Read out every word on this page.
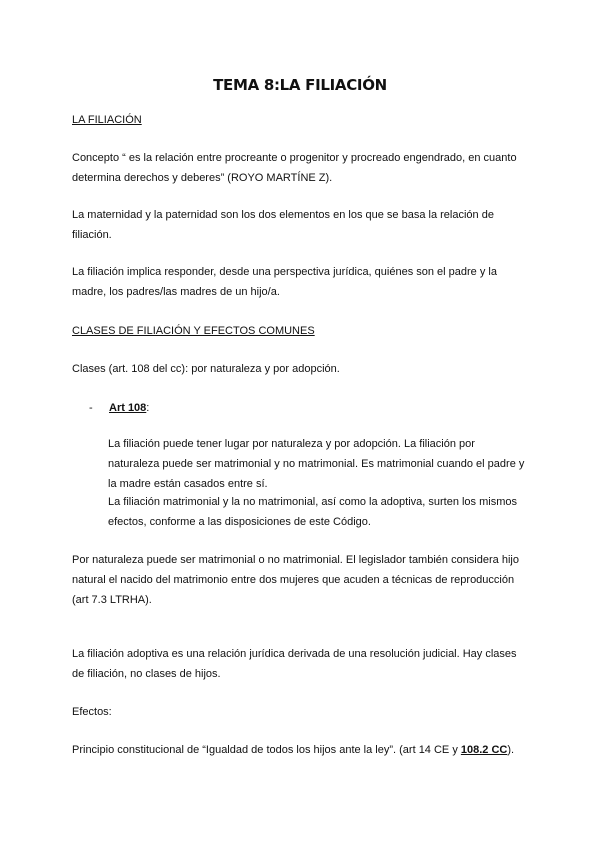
TEMA 8:LA FILIACIÓN

LA FILIACIÓN

Concepto “ es la relación entre procreante o progenitor y procreado engendrado, en cuanto determina derechos y deberes” (ROYO MARTÍNE Z).

La maternidad y la paternidad son los dos elementos en los que se basa la relación de filiación.

La filiación implica responder, desde una perspectiva jurídica, quiénes son el padre y la madre, los padres/las madres de un hijo/a.

CLASES DE FILIACIÓN Y EFECTOS COMUNES

Clases (art. 108 del cc): por naturaleza y por adopción.

- Art 108:

La filiación puede tener lugar por naturaleza y por adopción. La filiación por naturaleza puede ser matrimonial y no matrimonial. Es matrimonial cuando el padre y la madre están casados entre sí.

La filiación matrimonial y la no matrimonial, así como la adoptiva, surten los mismos efectos, conforme a las disposiciones de este Código.

Por naturaleza puede ser matrimonial o no matrimonial. El legislador también considera hijo natural el nacido del matrimonio entre dos mujeres que acuden a técnicas de reproducción (art 7.3 LTRHA).

La filiación adoptiva es una relación jurídica derivada de una resolución judicial. Hay clases de filiación, no clases de hijos.

Efectos:

Principio constitucional de “Igualdad de todos los hijos ante la ley”. (art 14 CE y 108.2 CC).
